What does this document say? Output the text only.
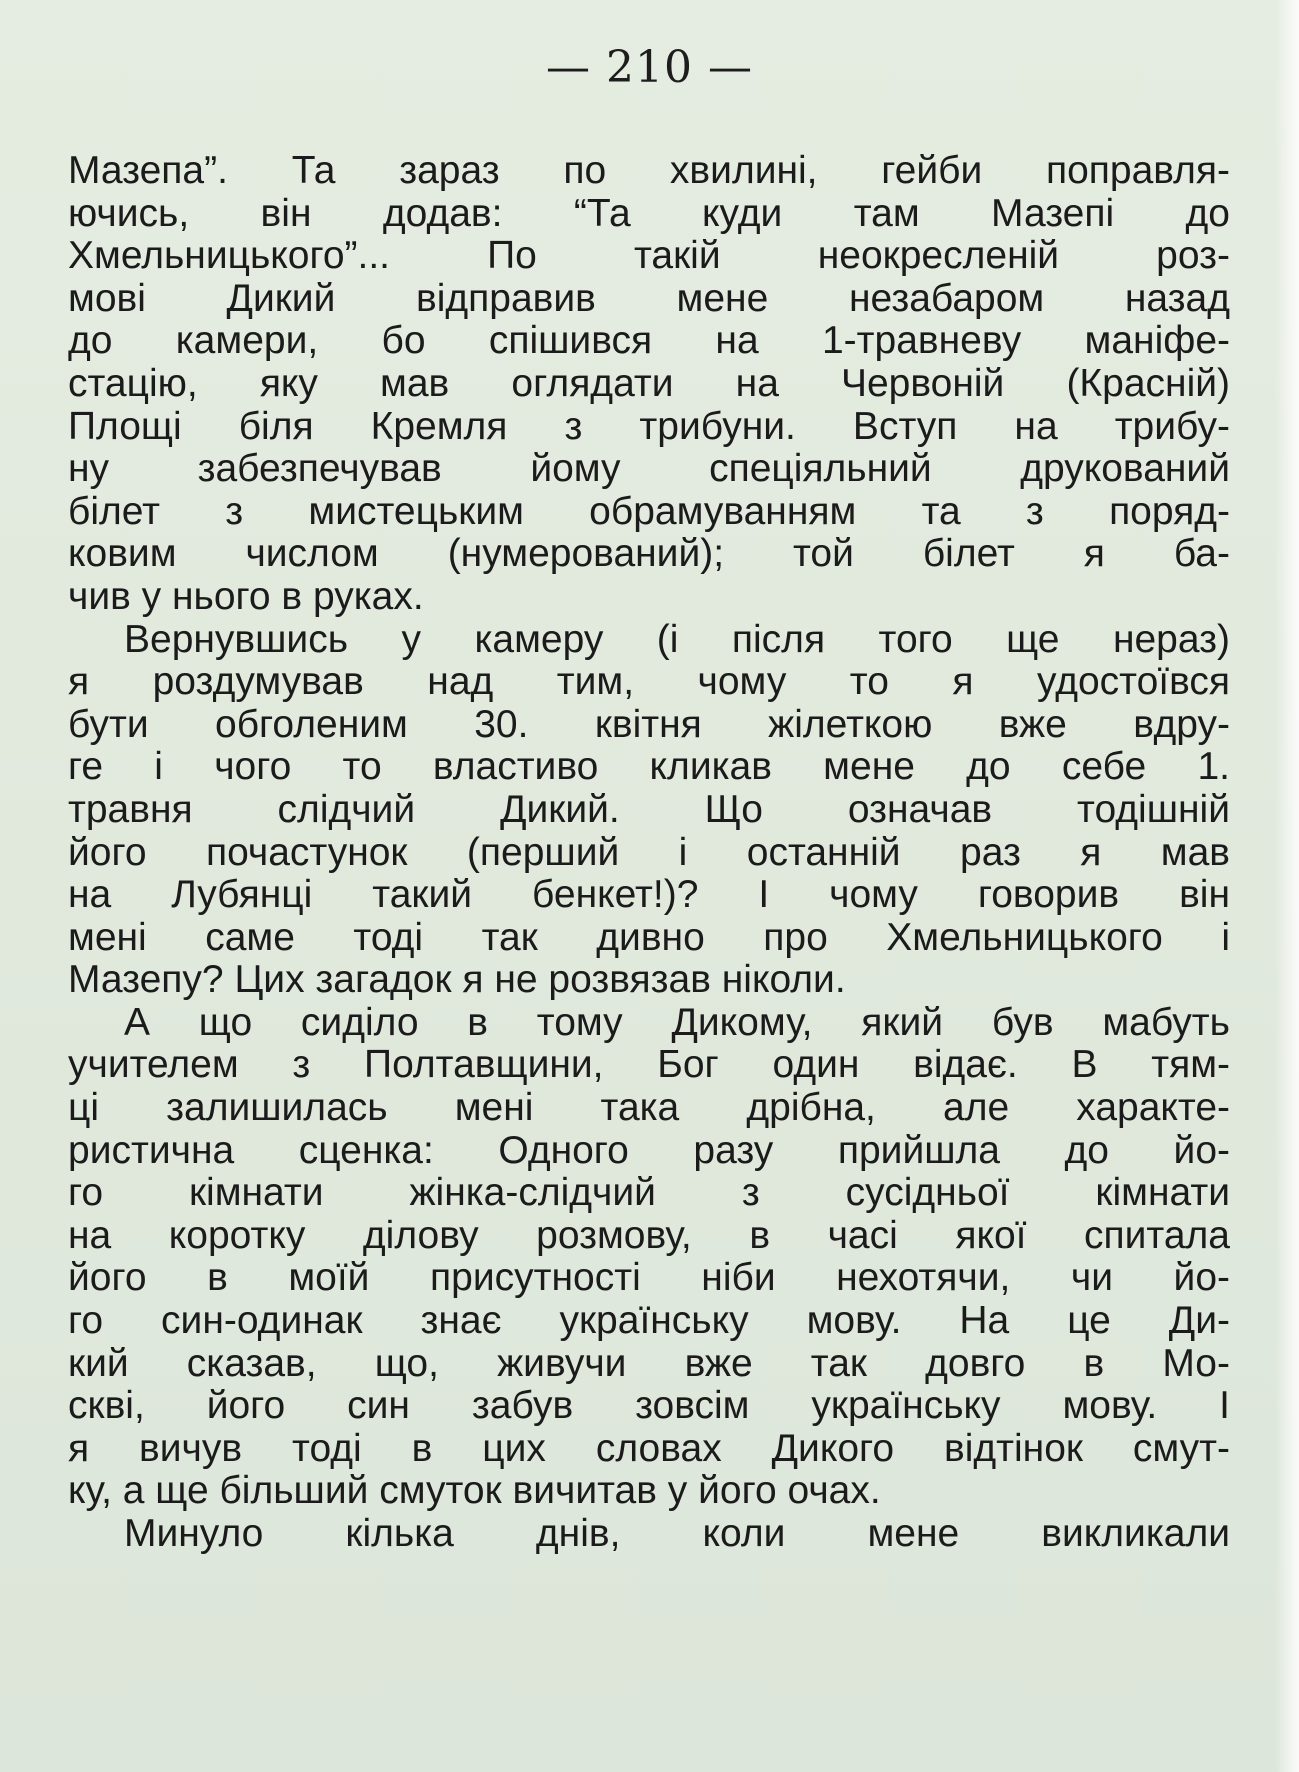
— 210 —
Мазепа”. Та зараз по хвилині, гейби поправля-
ючись, він додав: “Та куди там Мазепі до
Хмельницького”... По такій неокресленій роз-
мові Дикий відправив мене незабаром назад
до камери, бо спішився на 1-травневу маніфе-
стацію, яку мав оглядати на Червоній (Красній)
Площі біля Кремля з трибуни. Вступ на трибу-
ну забезпечував йому спеціяльний друкований
білет з мистецьким обрамуванням та з поряд-
ковим числом (нумерований); той білет я ба-
чив у нього в руках.
Вернувшись у камеру (і після того ще нераз)
я роздумував над тим, чому то я удостоївся
бути обголеним 30. квітня жілеткою вже вдру-
ге і чого то властиво кликав мене до себе 1.
травня слідчий Дикий. Що означав тодішній
його почастунок (перший і останній раз я мав
на Лубянці такий бенкет!)? І чому говорив він
мені саме тоді так дивно про Хмельницького і
Мазепу? Цих загадок я не розвязав ніколи.
А що сиділо в тому Дикому, який був мабуть
учителем з Полтавщини, Бог один відає. В тям-
ці залишилась мені така дрібна, але характе-
ристична сценка: Одного разу прийшла до йо-
го кімнати жінка-слідчий з сусідньої кімнати
на коротку ділову розмову, в часі якої спитала
його в моїй присутності ніби нехотячи, чи йо-
го син-одинак знає українську мову. На це Ди-
кий сказав, що, живучи вже так довго в Мо-
скві, його син забув зовсім українську мову. І
я вичув тоді в цих словах Дикого відтінок смут-
ку, а ще більший смуток вичитав у його очах.
Минуло кілька днів, коли мене викликали
